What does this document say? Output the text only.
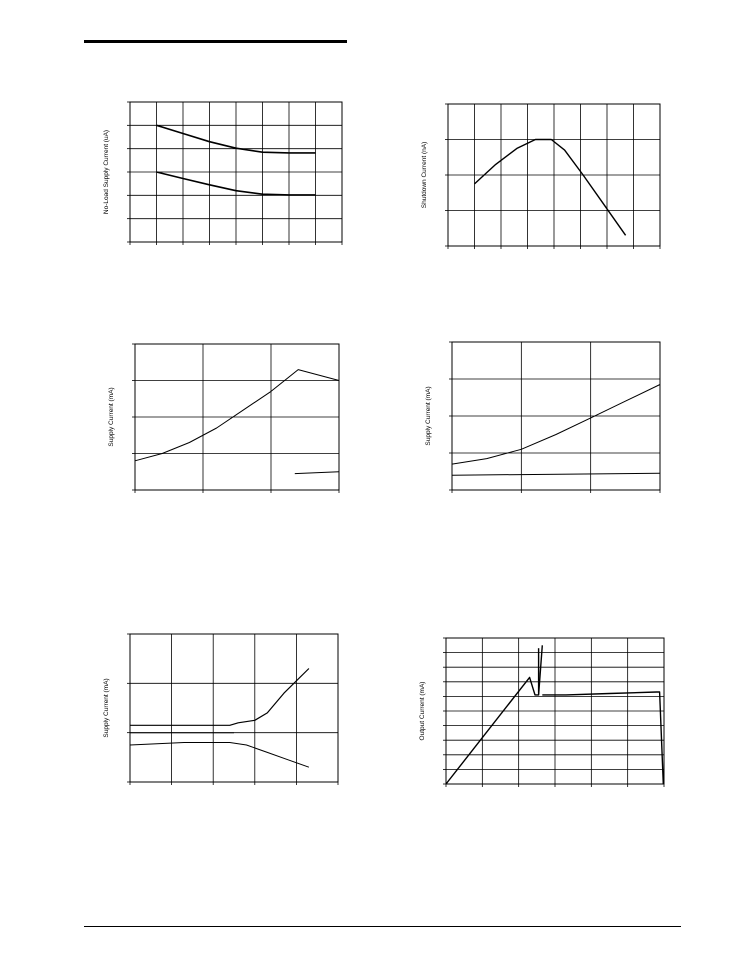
No-Load Supply Current (uA)	Shutdown Current (nA)
Supply Current (mA)	Supply Current (mA)
Supply Current (mA)	Output Current (mA)
